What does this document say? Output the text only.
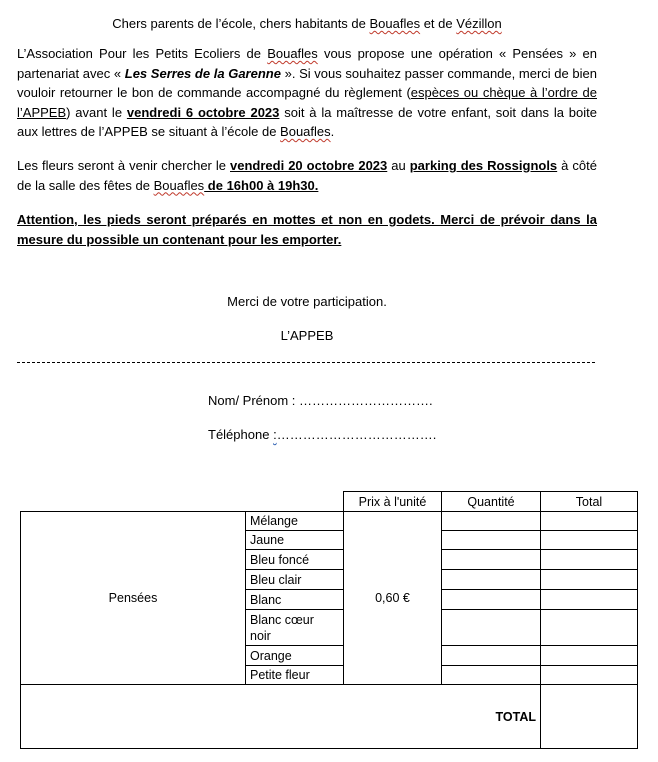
Chers parents de l’école, chers habitants de Bouafles et de Vézillon
L’Association Pour les Petits Ecoliers de Bouafles vous propose une opération « Pensées » en partenariat avec « Les Serres de la Garenne ». Si vous souhaitez passer commande, merci de bien vouloir retourner le bon de commande accompagné du règlement (espèces ou chèque à l’ordre de l’APPEB) avant le vendredi 6 octobre 2023 soit à la maîtresse de votre enfant, soit dans la boite aux lettres de l’APPEB se situant à l’école de Bouafles.
Les fleurs seront à venir chercher le vendredi 20 octobre 2023 au parking des Rossignols à côté de la salle des fêtes de Bouafles de 16h00 à 19h30.
Attention, les pieds seront préparés en mottes et non en godets. Merci de prévoir dans la mesure du possible un contenant pour les emporter.
Merci de votre participation.
L’APPEB
Nom/ Prénom : ………………………….
Téléphone :……………………………….
Prix à l'unité	Quantité	Total
Pensées
Mélange
Jaune
Bleu foncé
Bleu clair
Blanc
Blanc cœur noir
Orange
Petite fleur
0,60 €
TOTAL
